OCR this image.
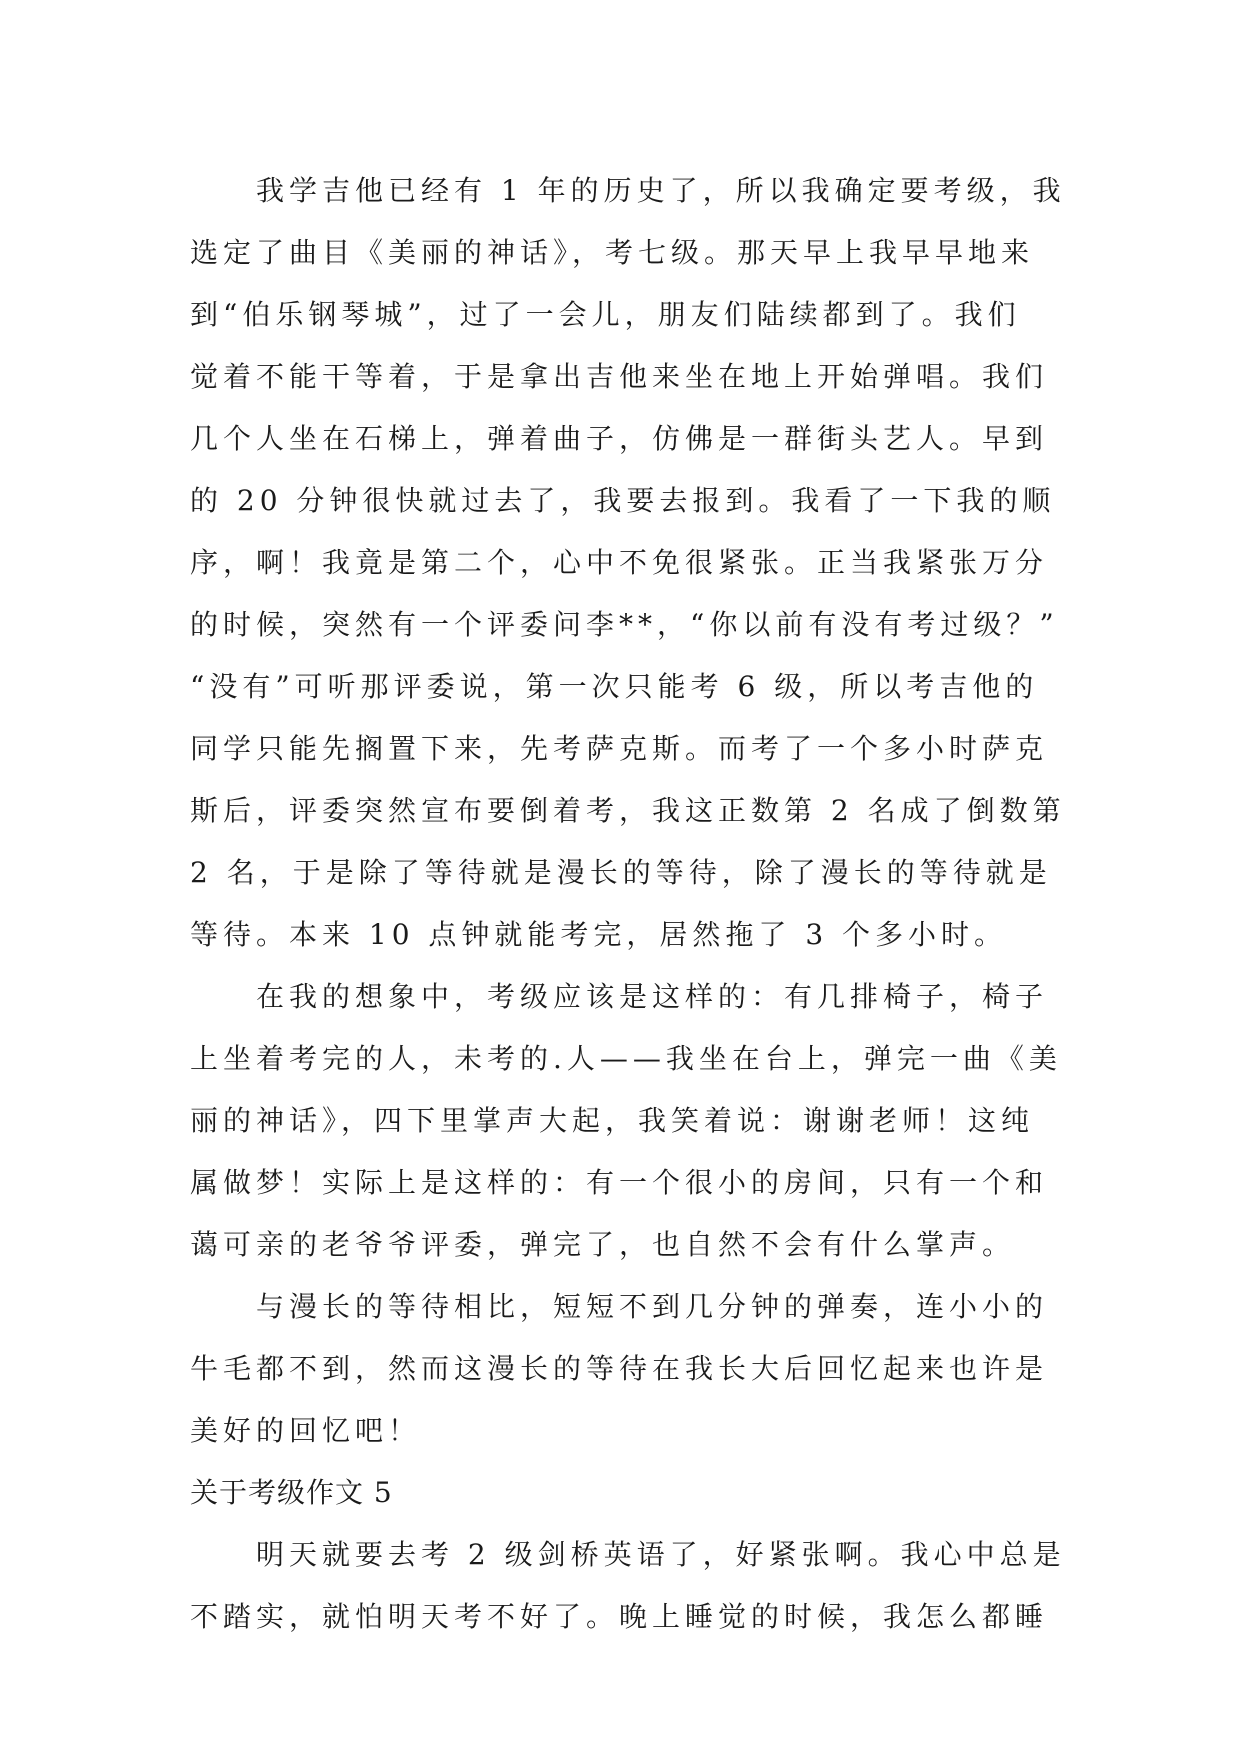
　　我学吉他已经有 1 年的历史了，所以我确定要考级，我
选定了曲目《美丽的神话》，考七级。那天早上我早早地来
到“伯乐钢琴城”，过了一会儿，朋友们陆续都到了。我们
觉着不能干等着，于是拿出吉他来坐在地上开始弹唱。我们
几个人坐在石梯上，弹着曲子，仿佛是一群街头艺人。早到
的 20 分钟很快就过去了，我要去报到。我看了一下我的顺
序，啊！我竟是第二个，心中不免很紧张。正当我紧张万分
的时候，突然有一个评委问李**，“你以前有没有考过级？”
“没有”可听那评委说，第一次只能考 6 级，所以考吉他的
同学只能先搁置下来，先考萨克斯。而考了一个多小时萨克
斯后，评委突然宣布要倒着考，我这正数第 2 名成了倒数第
2 名，于是除了等待就是漫长的等待，除了漫长的等待就是
等待。本来 10 点钟就能考完，居然拖了 3 个多小时。
　　在我的想象中，考级应该是这样的：有几排椅子，椅子
上坐着考完的人，未考的.人——我坐在台上，弹完一曲《美
丽的神话》，四下里掌声大起，我笑着说：谢谢老师！这纯
属做梦！实际上是这样的：有一个很小的房间，只有一个和
蔼可亲的老爷爷评委，弹完了，也自然不会有什么掌声。
　　与漫长的等待相比，短短不到几分钟的弹奏，连小小的
牛毛都不到，然而这漫长的等待在我长大后回忆起来也许是
美好的回忆吧！
关于考级作文 5
　　明天就要去考 2 级剑桥英语了，好紧张啊。我心中总是
不踏实，就怕明天考不好了。晚上睡觉的时候，我怎么都睡
